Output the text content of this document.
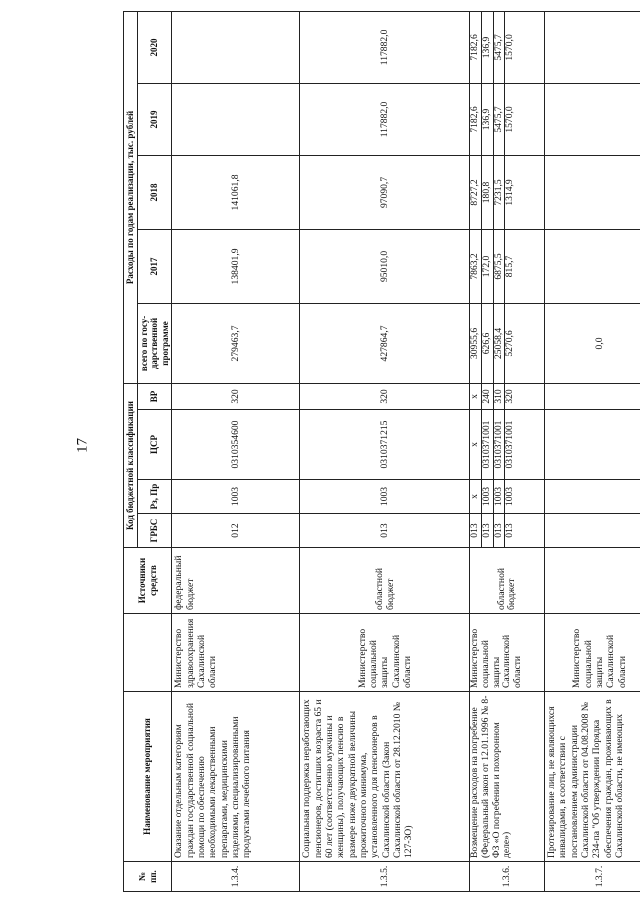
17
№ пп.	Наименование мероприятия		Источники средств	Код бюджетной классификации				Расходы по годам реализации, тыс. рублей				
				ГРБС	Рз, Пр	ЦСР	ВР	всего по госу-дарственной программе	2017	2018	2019	2020
1.3.4.	Оказание отдельным категориям граждан государственной социальной помощи по обеспечению необходимыми лекарственными препаратами, медицинскими изделиями, специализированными продуктами лечебного питания	Министерство здравоохранения Сахалинской области	федеральный бюджет	012	1003	0310354600	320	279463,7	138401,9	141061,8		
1.3.5.	Социальная поддержка неработающих пенсионеров, достигших возраста 65 и 60 лет (соответственно мужчины и женщины), получающих пенсию в размере ниже двукратной величины прожиточного минимума, установленного для пенсионеров в Сахалинской области (Закон Сахалинской области от 28.12.2010 № 127-ЗО)	Министерство социальной защиты Сахалинской области	областной бюджет	013	1003	0310371215	320	427864,7	95010,0	97090,7	117882,0	117882,0
1.3.6.	Возмещение расходов на погребение (Федеральный закон от 12.01.1996 № 8-ФЗ «О погребении и похоронном деле»)	Министерство социальной защиты Сахалинской области	областной бюджет	013	x	x	x	30955,6	7863,2	8727,2	7182,6	7182,6
				013	1003	0310371001	240	626,6	172,0	180,8	136,9	136,9
				013	1003	0310371001	310	25058,4	6875,5	7231,5	5475,7	5475,7
				013	1003	0310371001	320	5270,6	815,7	1314,9	1570,0	1570,0
1.3.7.	Протезирование лиц, не являющихся инвалидами, в соответствии с постановлением администрации Сахалинской области от 04.08.2008 № 234-па "Об утверждении Порядка обеспечения граждан, проживающих в Сахалинской области, не имеющих	Министерство социальной защиты Сахалинской области						0,0				
